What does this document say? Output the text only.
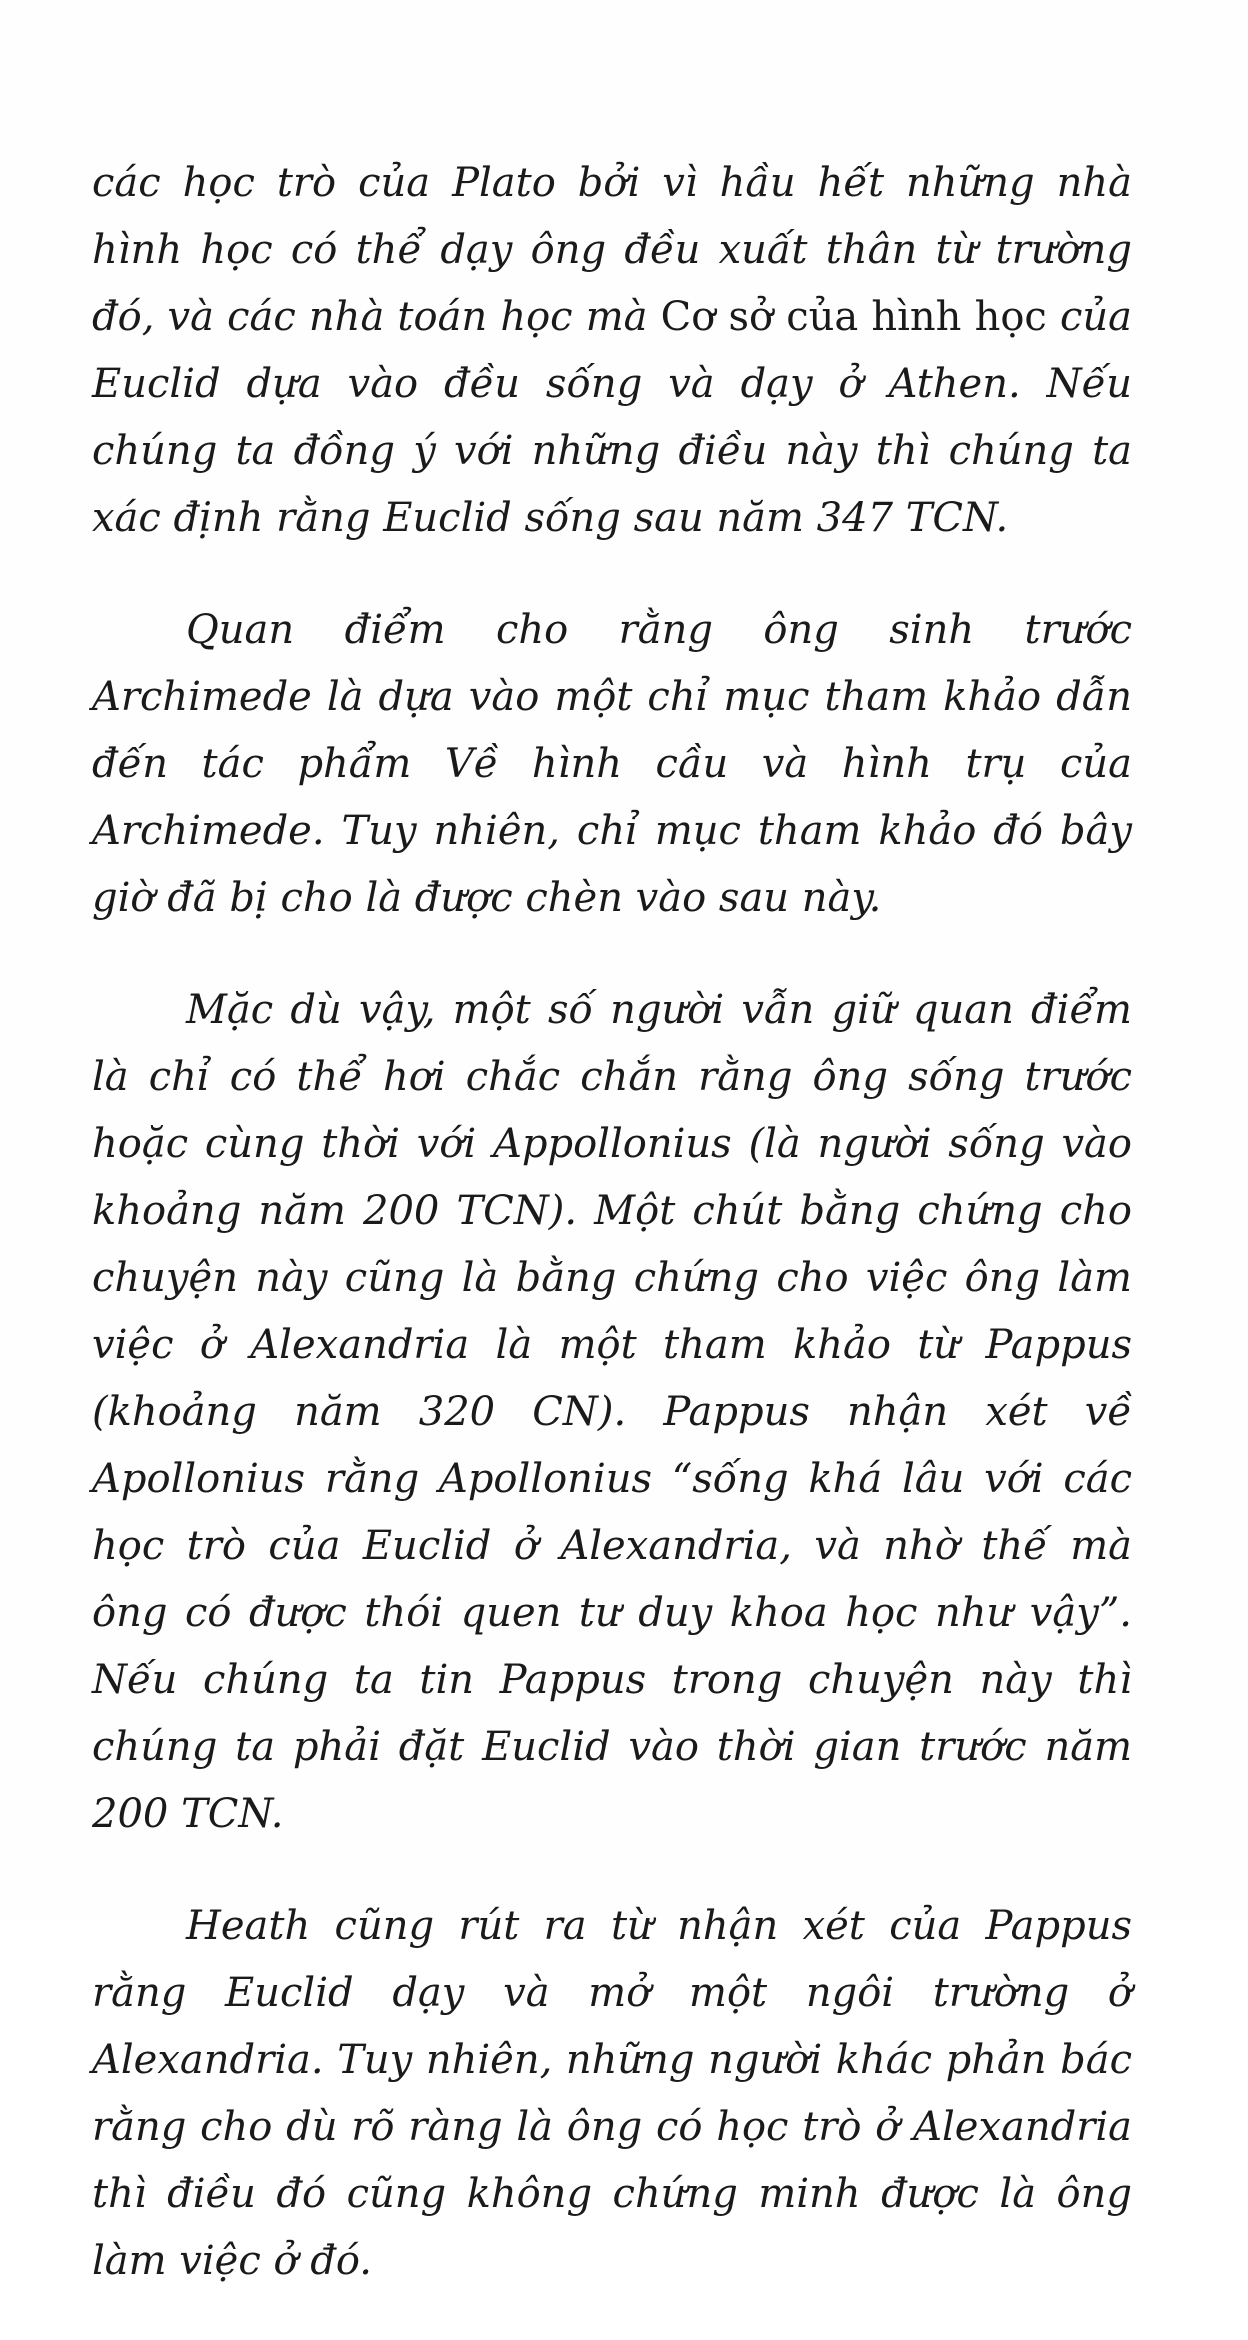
các học trò của Plato bởi vì hầu hết những nhà hình học có thể dạy ông đều xuất thân từ trường đó, và các nhà toán học mà Cơ sở của hình học của Euclid dựa vào đều sống và dạy ở Athen. Nếu chúng ta đồng ý với những điều này thì chúng ta xác định rằng Euclid sống sau năm 347 TCN.

Quan điểm cho rằng ông sinh trước Archimede là dựa vào một chỉ mục tham khảo dẫn đến tác phẩm Về hình cầu và hình trụ của Archimede. Tuy nhiên, chỉ mục tham khảo đó bây giờ đã bị cho là được chèn vào sau này.

Mặc dù vậy, một số người vẫn giữ quan điểm là chỉ có thể hơi chắc chắn rằng ông sống trước hoặc cùng thời với Appollonius (là người sống vào khoảng năm 200 TCN). Một chút bằng chứng cho chuyện này cũng là bằng chứng cho việc ông làm việc ở Alexandria là một tham khảo từ Pappus (khoảng năm 320 CN). Pappus nhận xét về Apollonius rằng Apollonius “sống khá lâu với các học trò của Euclid ở Alexandria, và nhờ thế mà ông có được thói quen tư duy khoa học như vậy”. Nếu chúng ta tin Pappus trong chuyện này thì chúng ta phải đặt Euclid vào thời gian trước năm 200 TCN.

Heath cũng rút ra từ nhận xét của Pappus rằng Euclid dạy và mở một ngôi trường ở Alexandria. Tuy nhiên, những người khác phản bác rằng cho dù rõ ràng là ông có học trò ở Alexandria thì điều đó cũng không chứng minh được là ông làm việc ở đó.
